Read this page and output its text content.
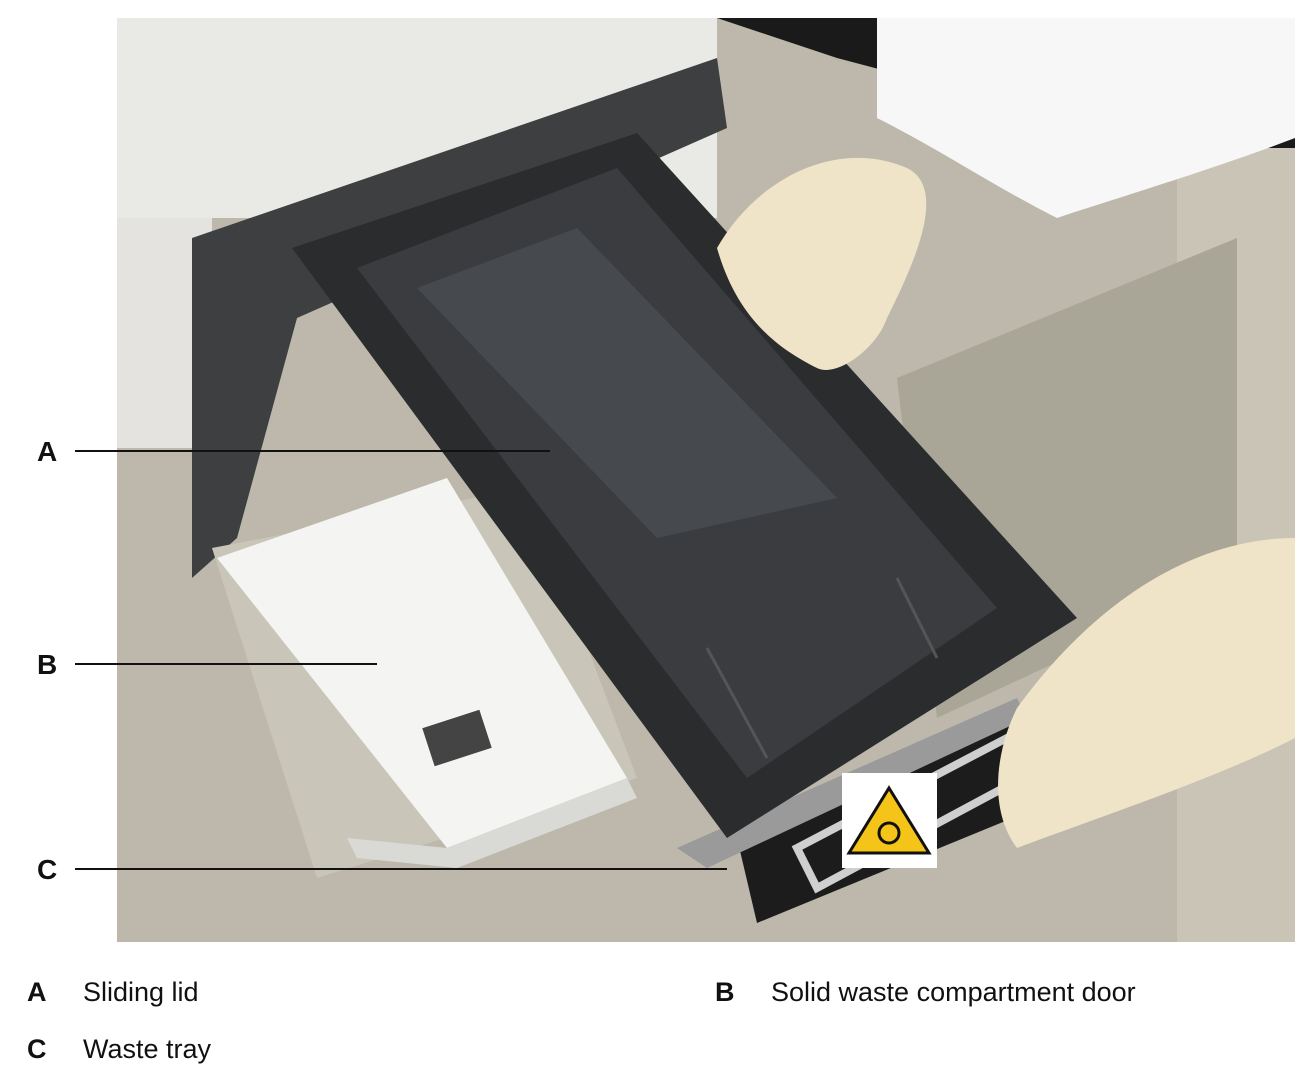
A
B
C
A Sliding lid	B Solid waste compartment door
C Waste tray
